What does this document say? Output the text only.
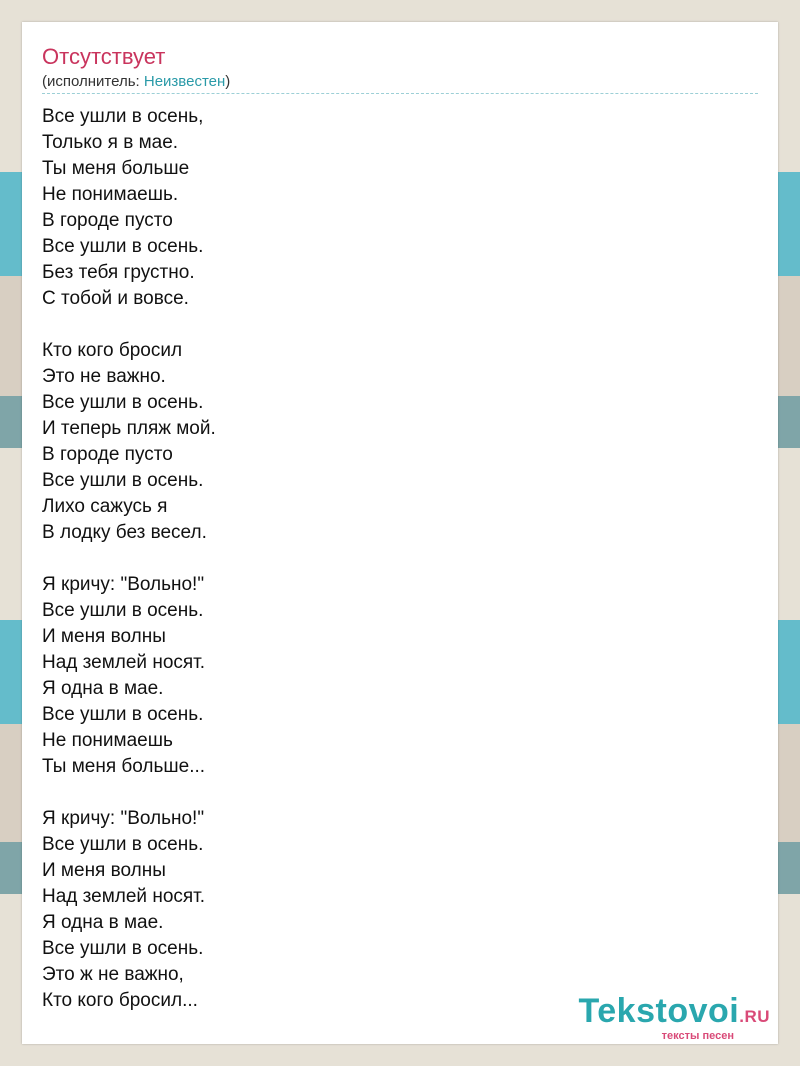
Отсутствует
(исполнитель: Неизвестен)
Все ушли в осень,
Только я в мае.
Ты меня больше
Не понимаешь.
В городе пусто
Все ушли в осень.
Без тебя грустно.
С тобой и вовсе.
Кто кого бросил
Это не важно.
Все ушли в осень.
И теперь пляж мой.
В городе пусто
Все ушли в осень.
Лихо сажусь я
В лодку без весел.
Я кричу: "Вольно!"
Все ушли в осень.
И меня волны
Над землей носят.
Я одна в мае.
Все ушли в осень.
Не понимаешь
Ты меня больше...
Я кричу: "Вольно!"
Все ушли в осень.
И меня волны
Над землей носят.
Я одна в мае.
Все ушли в осень.
Это ж не важно,
Кто кого бросил...	Tekstovoi.RU
тексты песен
